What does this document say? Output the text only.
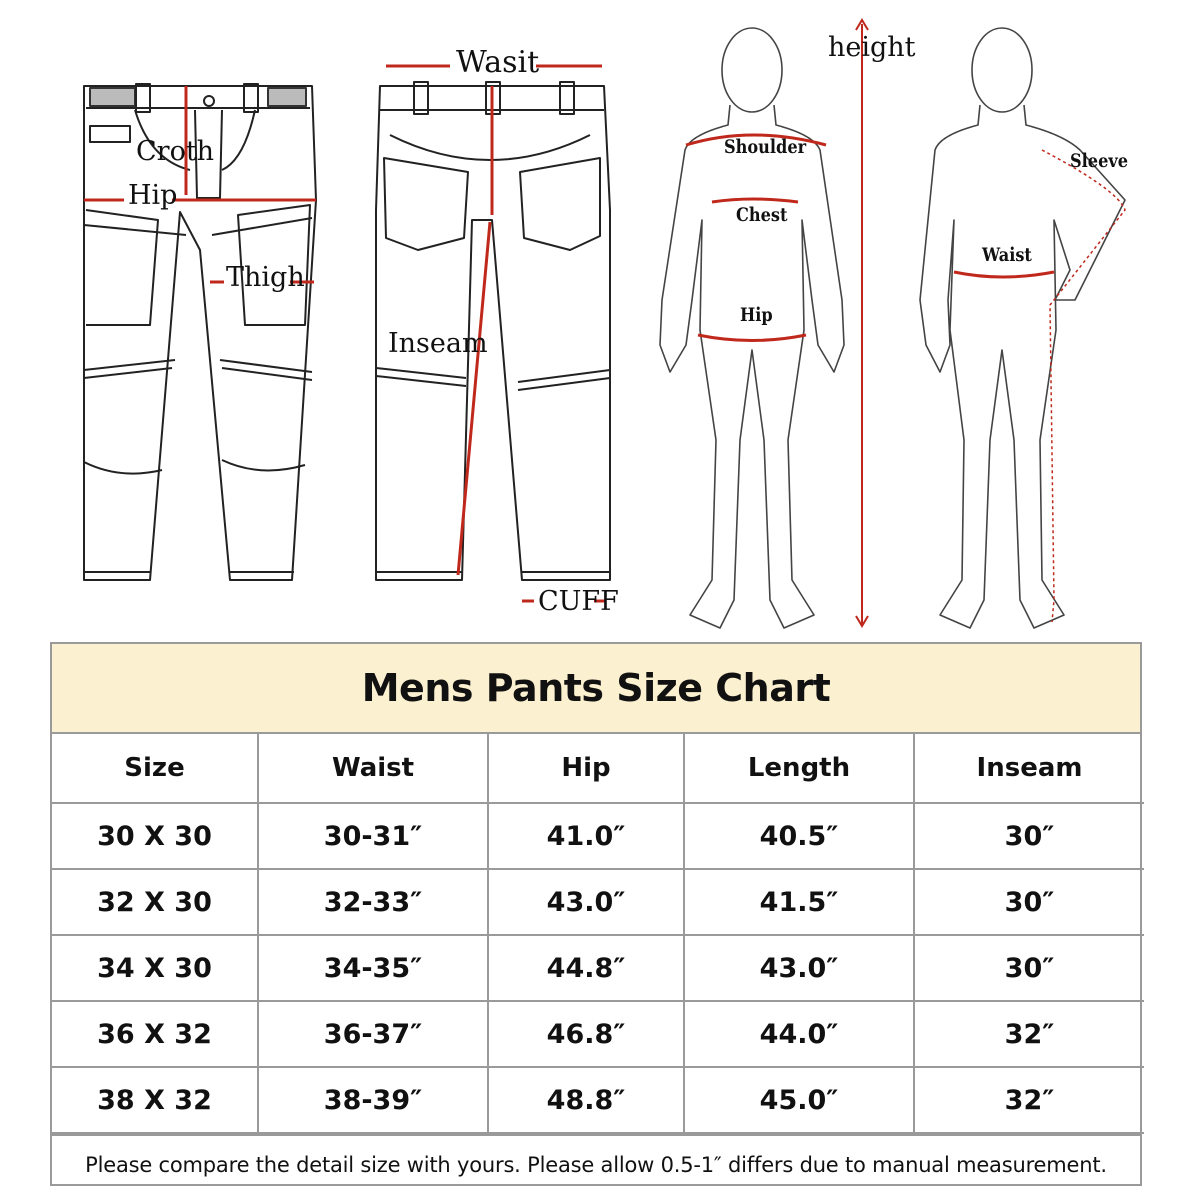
Croth
Hip
Thigh
Wasit
Inseam
CUFF
height
Shoulder
Chest
Hip
Sleeve
Waist
Mens Pants Size Chart
Size	Waist	Hip	Length	Inseam
30 X 30	30-31″	41.0″	40.5″	30″
32 X 30	32-33″	43.0″	41.5″	30″
34 X 30	34-35″	44.8″	43.0″	30″
36 X 32	36-37″	46.8″	44.0″	32″
38 X 32	38-39″	48.8″	45.0″	32″
Please compare the detail size with yours. Please allow 0.5-1″ differs due to manual measurement.
